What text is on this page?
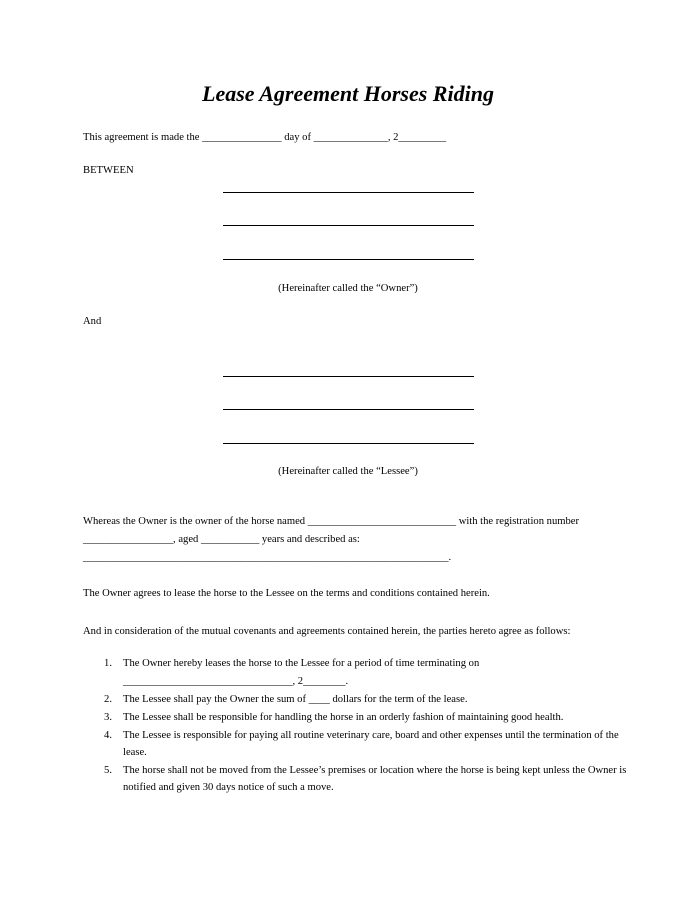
Lease Agreement Horses Riding
This agreement is made the _______________ day of ______________, 2_________
BETWEEN
(Hereinafter called the “Owner”)
And
(Hereinafter called the “Lessee”)
Whereas the Owner is the owner of the horse named ____________________________ with the registration number
_________________, aged ___________ years and described as:
_____________________________________________________________________.
The Owner agrees to lease the horse to the Lessee on the terms and conditions contained herein.
And in consideration of the mutual covenants and agreements contained herein, the parties hereto agree as follows:
1. The Owner hereby leases the horse to the Lessee for a period of time terminating on
________________________________, 2________.
2. The Lessee shall pay the Owner the sum of ____ dollars for the term of the lease.
3. The Lessee shall be responsible for handling the horse in an orderly fashion of maintaining good health.
4. The Lessee is responsible for paying all routine veterinary care, board and other expenses until the termination of the
lease.
5. The horse shall not be moved from the Lessee’s premises or location where the horse is being kept unless the Owner is
notified and given 30 days notice of such a move.
